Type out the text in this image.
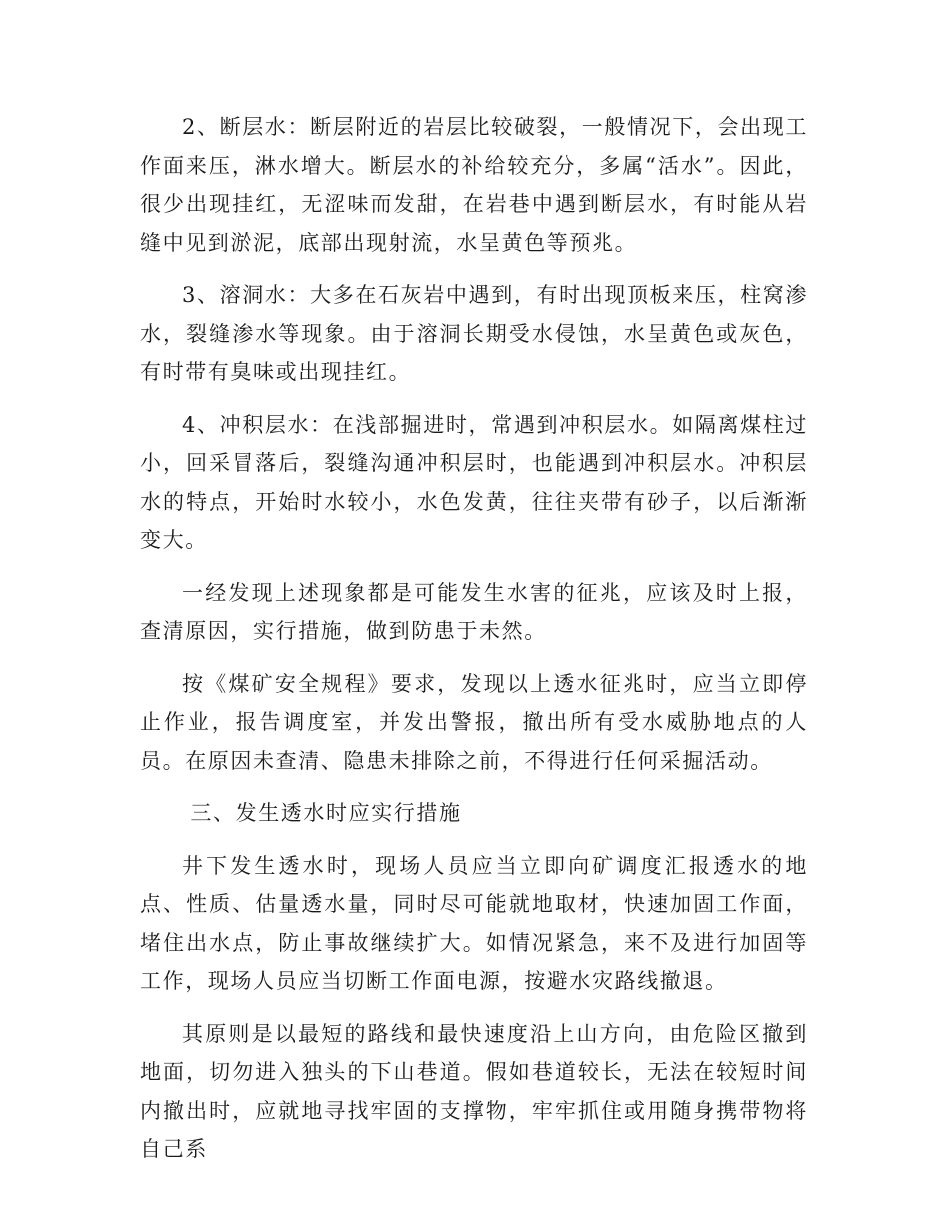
2、断层水：断层附近的岩层比较破裂，一般情况下，会出现工作面来压，淋水增大。断层水的补给较充分，多属“活水”。因此，很少出现挂红，无涩味而发甜，在岩巷中遇到断层水，有时能从岩缝中见到淤泥，底部出现射流，水呈黄色等预兆。

3、溶洞水：大多在石灰岩中遇到，有时出现顶板来压，柱窝渗水，裂缝渗水等现象。由于溶洞长期受水侵蚀，水呈黄色或灰色，有时带有臭味或出现挂红。

4、冲积层水：在浅部掘进时，常遇到冲积层水。如隔离煤柱过小，回采冒落后，裂缝沟通冲积层时，也能遇到冲积层水。冲积层水的特点，开始时水较小，水色发黄，往往夹带有砂子，以后渐渐变大。

一经发现上述现象都是可能发生水害的征兆，应该及时上报，查清原因，实行措施，做到防患于未然。

按《煤矿安全规程》要求，发现以上透水征兆时，应当立即停止作业，报告调度室，并发出警报，撤出所有受水威胁地点的人员。在原因未查清、隐患未排除之前，不得进行任何采掘活动。

三、发生透水时应实行措施

井下发生透水时，现场人员应当立即向矿调度汇报透水的地点、性质、估量透水量，同时尽可能就地取材，快速加固工作面，堵住出水点，防止事故继续扩大。如情况紧急，来不及进行加固等工作，现场人员应当切断工作面电源，按避水灾路线撤退。

其原则是以最短的路线和最快速度沿上山方向，由危险区撤到地面，切勿进入独头的下山巷道。假如巷道较长，无法在较短时间内撤出时，应就地寻找牢固的支撑物，牢牢抓住或用随身携带物将自己系
